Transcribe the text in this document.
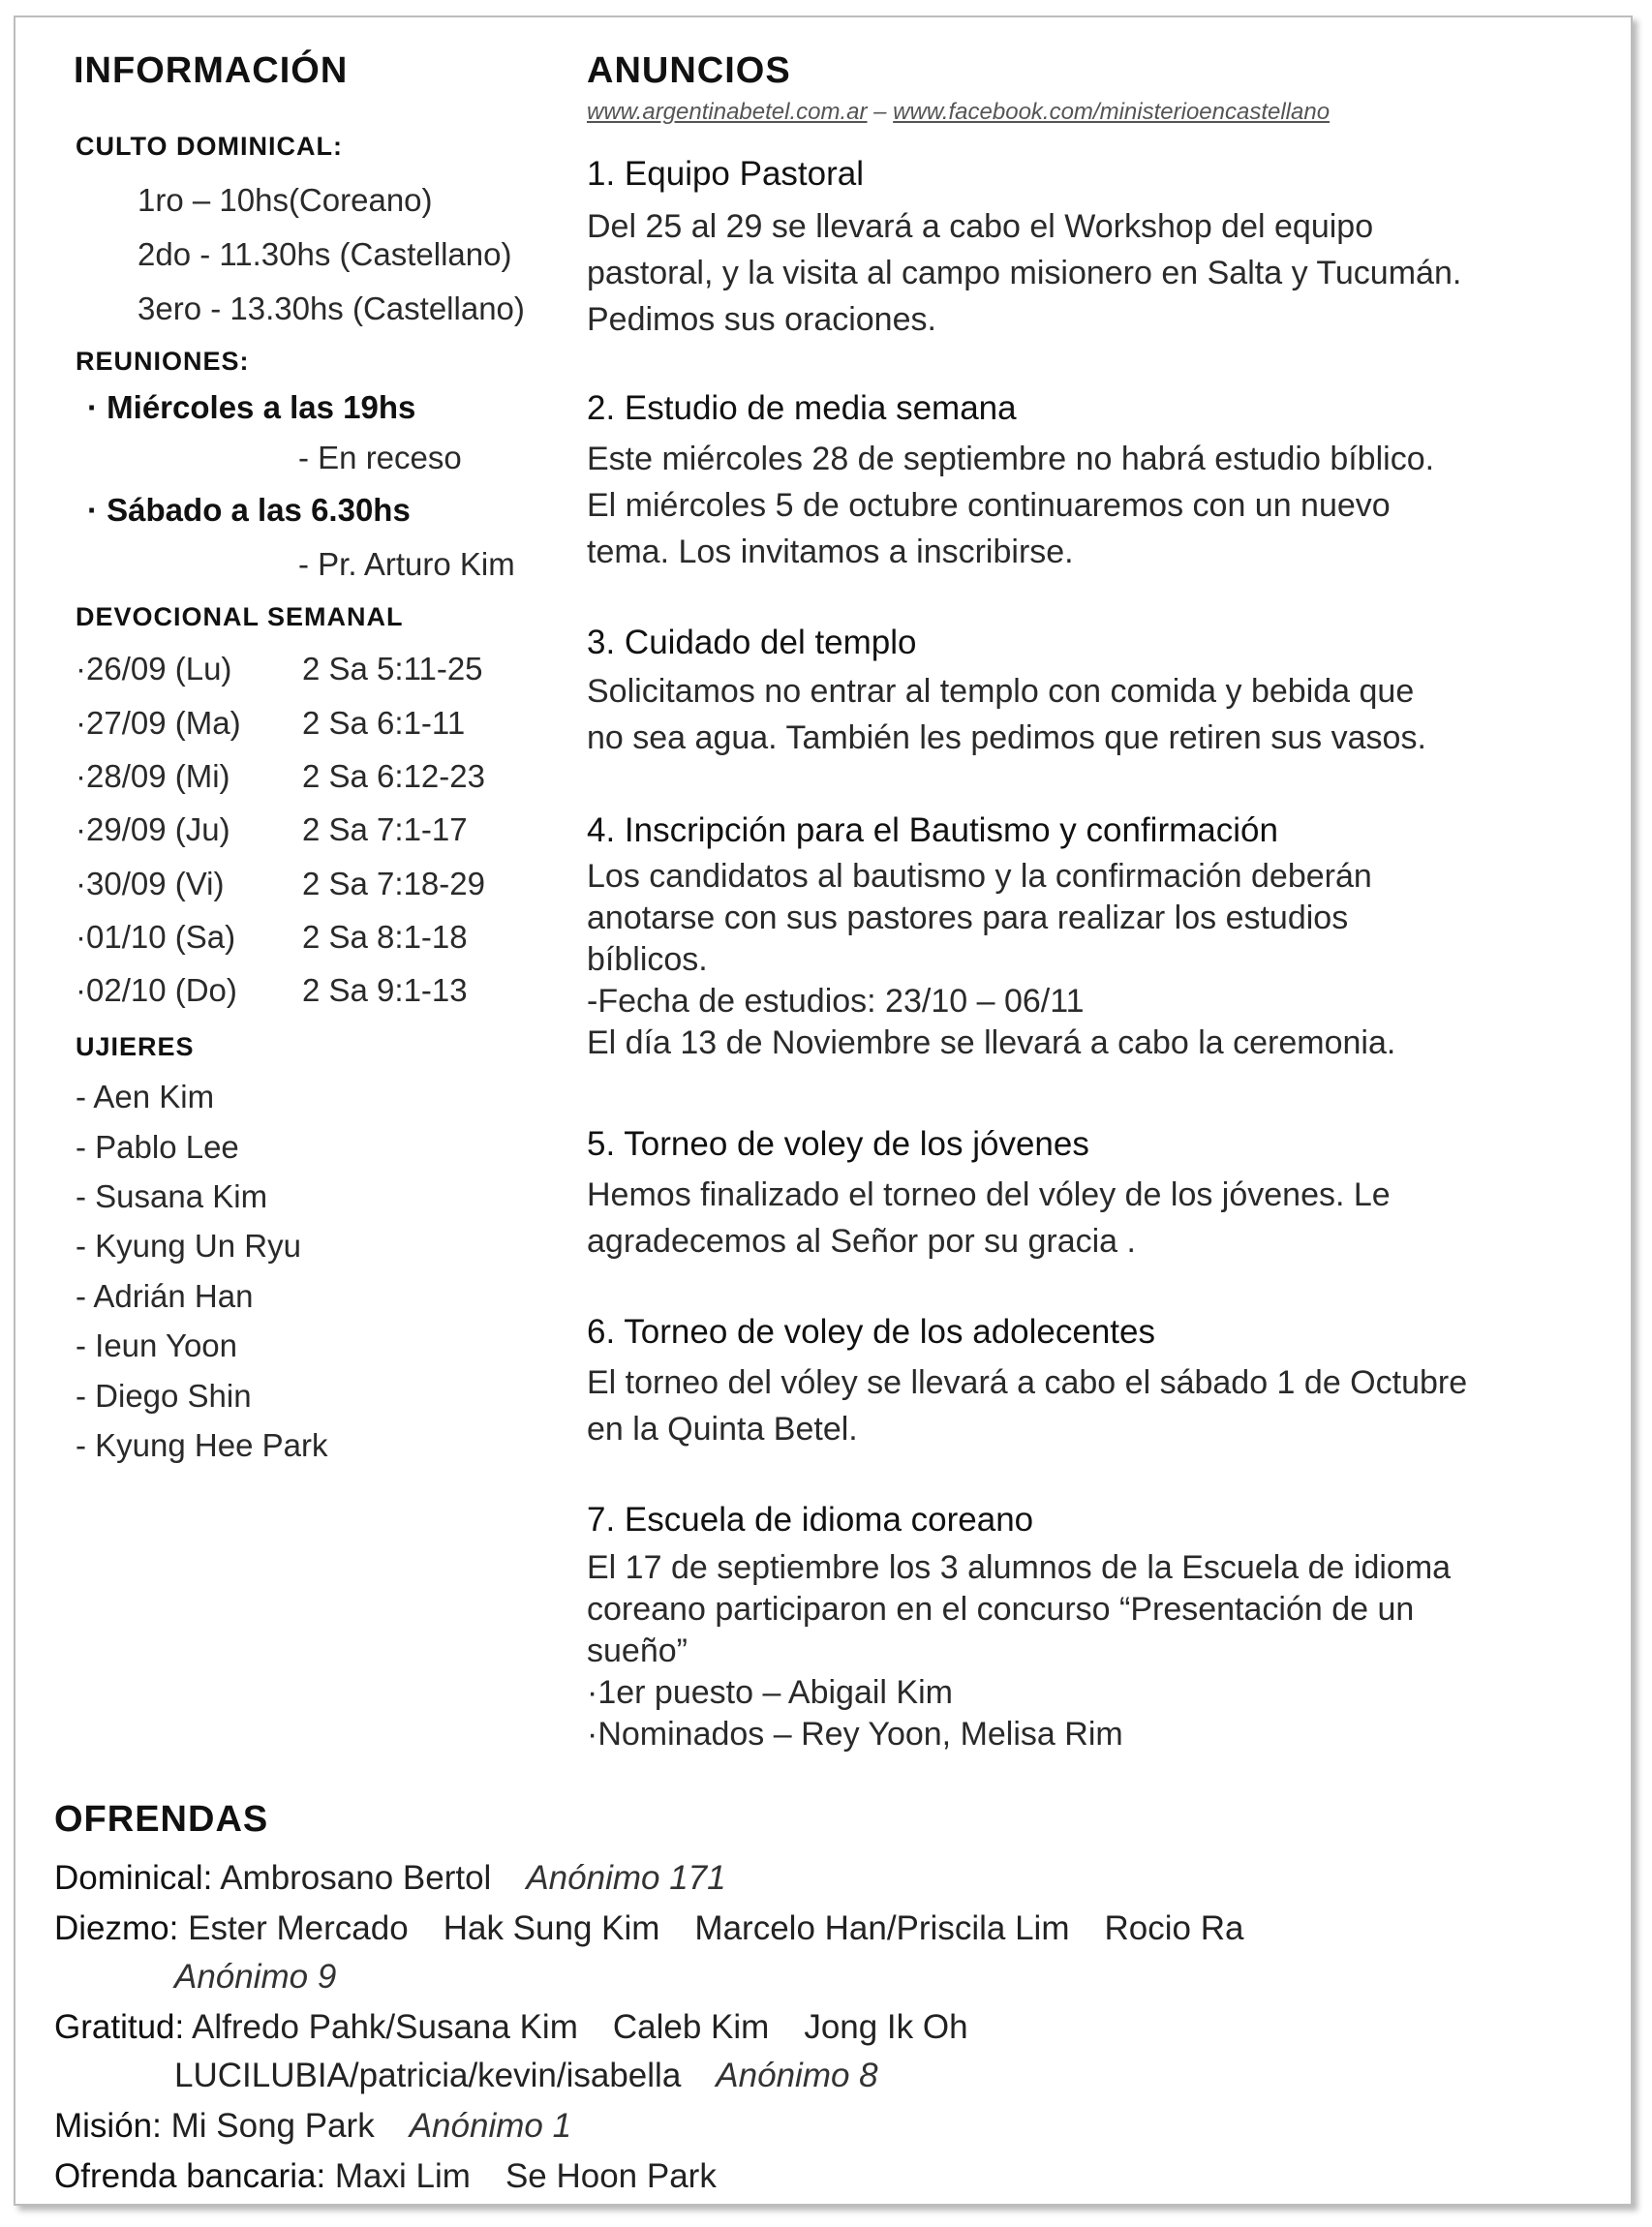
INFORMACIÓN
CULTO DOMINICAL:
1ro – 10hs(Coreano)
2do - 11.30hs (Castellano)
3ero - 13.30hs (Castellano)
REUNIONES:
· Miércoles a las 19hs
- En receso
· Sábado a las 6.30hs
- Pr. Arturo Kim
DEVOCIONAL SEMANAL
·26/09 (Lu) 2 Sa 5:11-25
·27/09 (Ma) 2 Sa 6:1-11
·28/09 (Mi) 2 Sa 6:12-23
·29/09 (Ju) 2 Sa 7:1-17
·30/09 (Vi) 2 Sa 7:18-29
·01/10 (Sa) 2 Sa 8:1-18
·02/10 (Do) 2 Sa 9:1-13
UJIERES
- Aen Kim
- Pablo Lee
- Susana Kim
- Kyung Un Ryu
- Adrián Han
- Ieun Yoon
- Diego Shin
- Kyung Hee Park
ANUNCIOS
www.argentinabetel.com.ar – www.facebook.com/ministerioencastellano
1. Equipo Pastoral
Del 25 al 29 se llevará a cabo el Workshop del equipo
pastoral, y la visita al campo misionero en Salta y Tucumán.
Pedimos sus oraciones.
2. Estudio de media semana
Este miércoles 28 de septiembre no habrá estudio bíblico.
El miércoles 5 de octubre continuaremos con un nuevo
tema. Los invitamos a inscribirse.
3. Cuidado del templo
Solicitamos no entrar al templo con comida y bebida que
no sea agua. También les pedimos que retiren sus vasos.
4. Inscripción para el Bautismo y confirmación
Los candidatos al bautismo y la confirmación deberán
anotarse con sus pastores para realizar los estudios
bíblicos.
-Fecha de estudios: 23/10 – 06/11
El día 13 de Noviembre se llevará a cabo la ceremonia.
5. Torneo de voley de los jóvenes
Hemos finalizado el torneo del vóley de los jóvenes. Le
agradecemos al Señor por su gracia .
6. Torneo de voley de los adolecentes
El torneo del vóley se llevará a cabo el sábado 1 de Octubre
en la Quinta Betel.
7. Escuela de idioma coreano
El 17 de septiembre los 3 alumnos de la Escuela de idioma
coreano participaron en el concurso “Presentación de un
sueño”
·1er puesto – Abigail Kim
·Nominados – Rey Yoon, Melisa Rim
OFRENDAS
Dominical: Ambrosano Bertol Anónimo 171
Diezmo: Ester Mercado Hak Sung Kim Marcelo Han/Priscila Lim Rocio Ra
Anónimo 9
Gratitud: Alfredo Pahk/Susana Kim Caleb Kim Jong Ik Oh
LUCILUBIA/patricia/kevin/isabella Anónimo 8
Misión: Mi Song Park Anónimo 1
Ofrenda bancaria: Maxi Lim Se Hoon Park
